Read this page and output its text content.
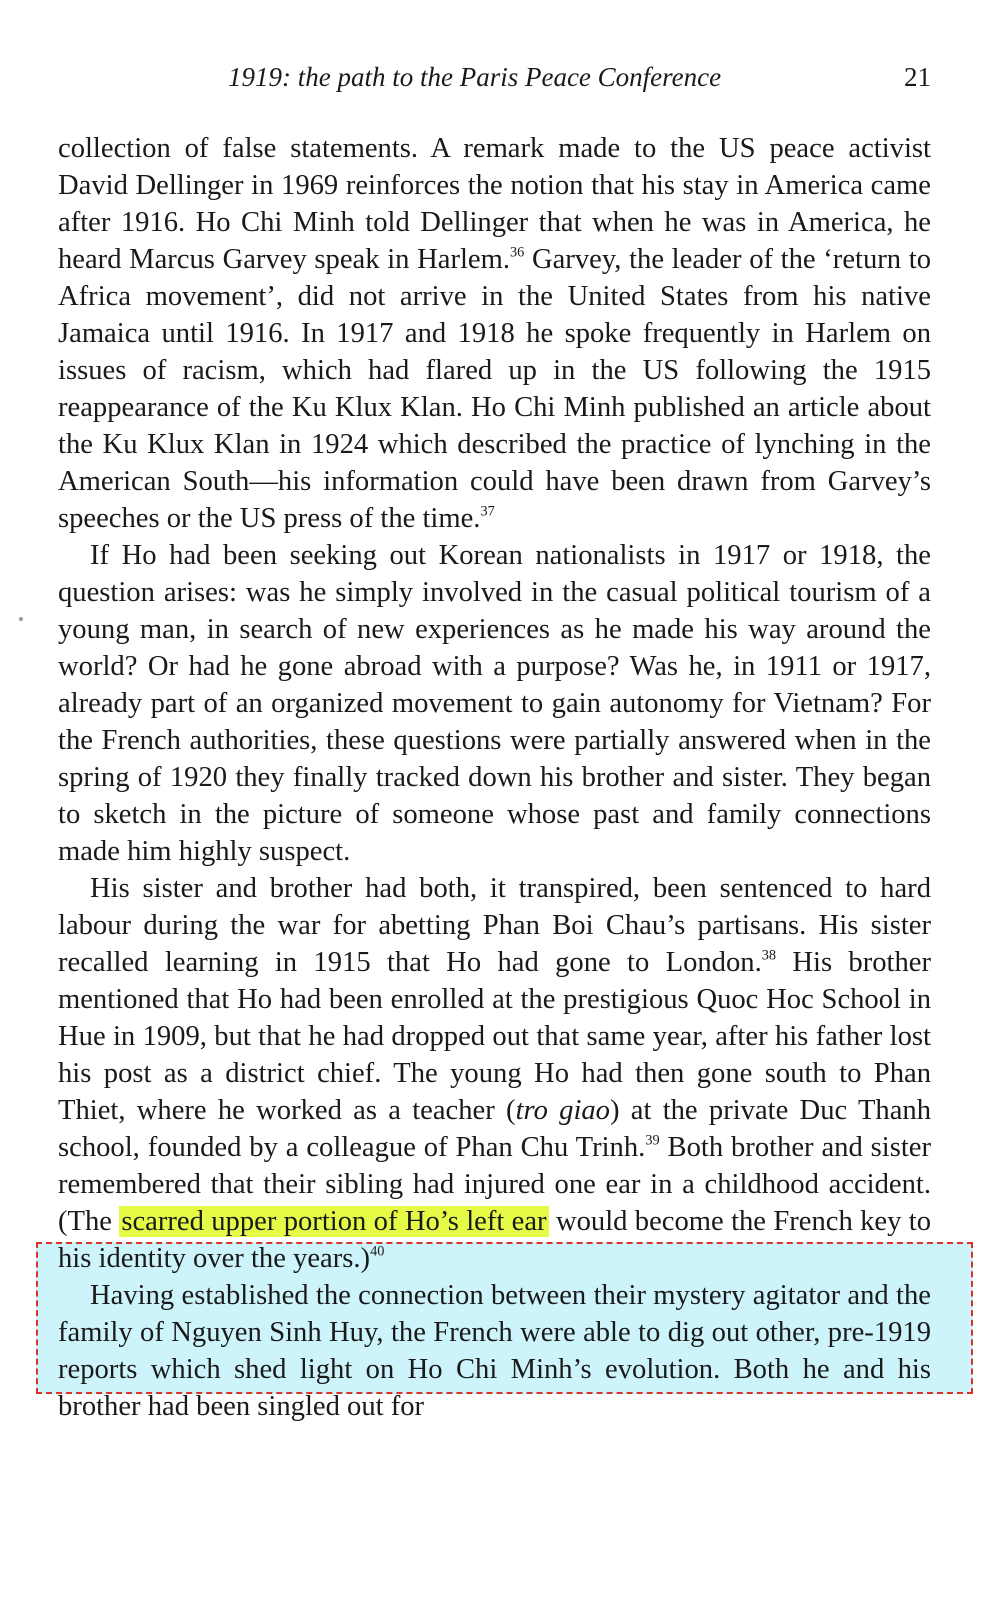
1919: the path to the Paris Peace Conference	21

collection of false statements. A remark made to the US peace activist David Dellinger in 1969 reinforces the notion that his stay in America came after 1916. Ho Chi Minh told Dellinger that when he was in America, he heard Marcus Garvey speak in Harlem.$^{36}$ Garvey, the leader of the ‘return to Africa movement’, did not arrive in the United States from his native Jamaica until 1916. In 1917 and 1918 he spoke frequently in Harlem on issues of racism, which had flared up in the US following the 1915 reappearance of the Ku Klux Klan. Ho Chi Minh published an article about the Ku Klux Klan in 1924 which described the practice of lynching in the American South—his information could have been drawn from Garvey’s speeches or the US press of the time.$^{37}$

If Ho had been seeking out Korean nationalists in 1917 or 1918, the question arises: was he simply involved in the casual political tourism of a young man, in search of new experiences as he made his way around the world? Or had he gone abroad with a purpose? Was he, in 1911 or 1917, already part of an organized movement to gain autonomy for Vietnam? For the French authorities, these questions were partially answered when in the spring of 1920 they finally tracked down his brother and sister. They began to sketch in the picture of someone whose past and family connections made him highly suspect.

His sister and brother had both, it transpired, been sentenced to hard labour during the war for abetting Phan Boi Chau’s partisans. His sister recalled learning in 1915 that Ho had gone to London.$^{38}$ His brother mentioned that Ho had been enrolled at the prestigious Quoc Hoc School in Hue in 1909, but that he had dropped out that same year, after his father lost his post as a district chief. The young Ho had then gone south to Phan Thiet, where he worked as a teacher (tro giao) at the private Duc Thanh school, founded by a colleague of Phan Chu Trinh.$^{39}$ Both brother and sister remembered that their sibling had injured one ear in a childhood accident. (The scarred upper portion of Ho’s left ear would become the French key to his identity over the years.)$^{40}$

Having established the connection between their mystery agitator and the family of Nguyen Sinh Huy, the French were able to dig out other, pre-1919 reports which shed light on Ho Chi Minh’s evolution. Both he and his brother had been singled out for
